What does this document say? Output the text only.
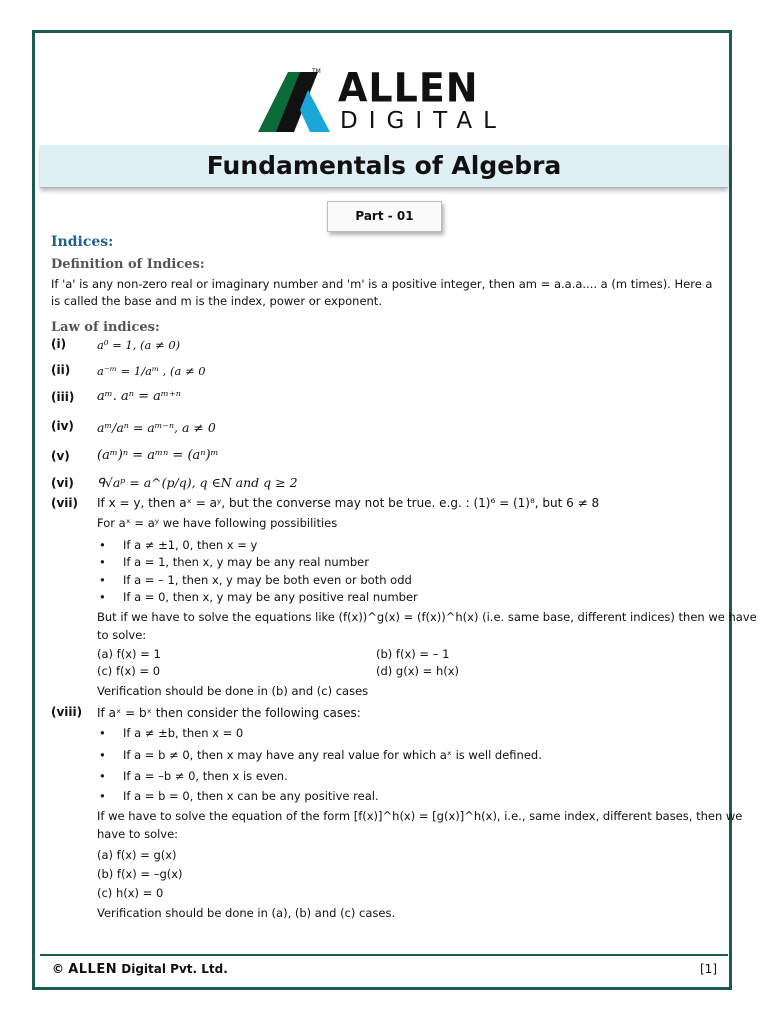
TM ALLEN
DIGITAL
Fundamentals of Algebra
Part - 01
Indices:
Definition of Indices:
If 'a' is any non-zero real or imaginary number and 'm' is a positive integer, then am = a.a.a.... a (m times). Here a
is called the base and m is the index, power or exponent.
Law of indices:
(i)	a⁰ = 1, (a ≠ 0)
(ii) a⁻ᵐ = 1/aᵐ , (a ≠ 0
(iii) aᵐ. aⁿ = aᵐ⁺ⁿ
(iv) aᵐ/aⁿ = aᵐ⁻ⁿ, a ≠ 0
(v) (aᵐ)ⁿ = aᵐⁿ = (aⁿ)ᵐ
(vi) ᑫ√aᵖ = a^(p/q), q ∈N and q ≥ 2
(vii) If x = y, then aˣ = aʸ, but the converse may not be true. e.g. : (1)⁶ = (1)⁸, but 6 ≠ 8
For aˣ = aʸ we have following possibilities
• If a ≠ ±1, 0, then x = y
• If a = 1, then x, y may be any real number
• If a = – 1, then x, y may be both even or both odd
• If a = 0, then x, y may be any positive real number
But if we have to solve the equations like (f(x))^g(x) = (f(x))^h(x) (i.e. same base, different indices) then we have
to solve:
(a) f(x) = 1	(b) f(x) = – 1
(c) f(x) = 0	(d) g(x) = h(x)
Verification should be done in (b) and (c) cases
(viii) If aˣ = bˣ then consider the following cases:
• If a ≠ ±b, then x = 0
• If a = b ≠ 0, then x may have any real value for which aˣ is well defined.
• If a = –b ≠ 0, then x is even.
• If a = b = 0, then x can be any positive real.
If we have to solve the equation of the form [f(x)]^h(x) = [g(x)]^h(x), i.e., same index, different bases, then we
have to solve:
(a) f(x) = g(x)
(b) f(x) = –g(x)
(c) h(x) = 0
Verification should be done in (a), (b) and (c) cases.
© ALLEN Digital Pvt. Ltd.	[1]
